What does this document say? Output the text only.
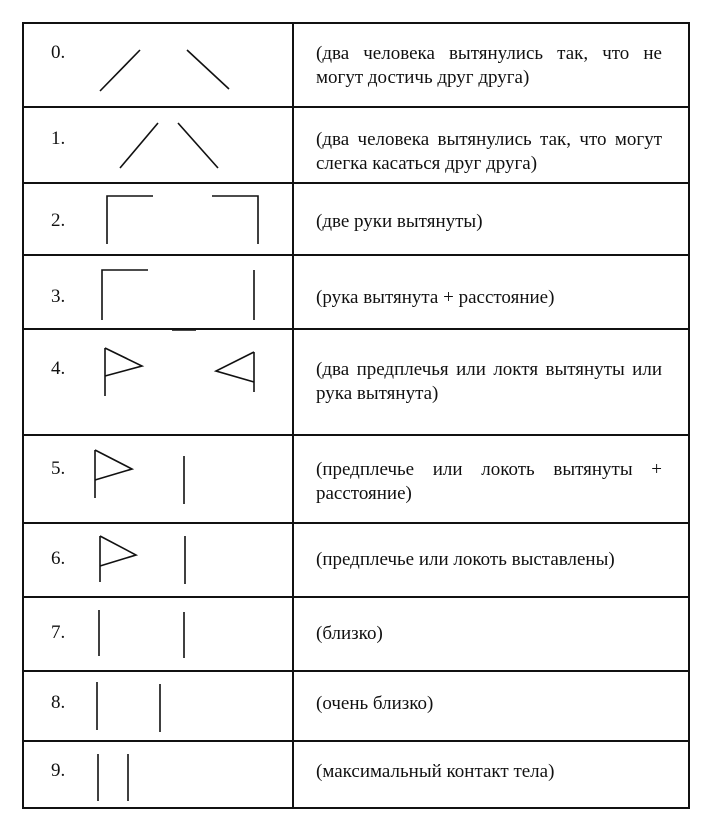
0.	(два человека вытянулись так, что не могут достичь друг друга)
1.	(два человека вытянулись так, что могут слегка касаться друг друга)
2.	(две руки вытянуты)
3.	(рука вытянута + расстояние)
4.	(два предплечья или локтя вытянуты или рука вытянута)
5.	(предплечье или локоть вытянуты + расстояние)
6.	(предплечье или локоть выставлены)
7.	(близко)
8.	(очень близко)
9.	(максимальный контакт тела)
